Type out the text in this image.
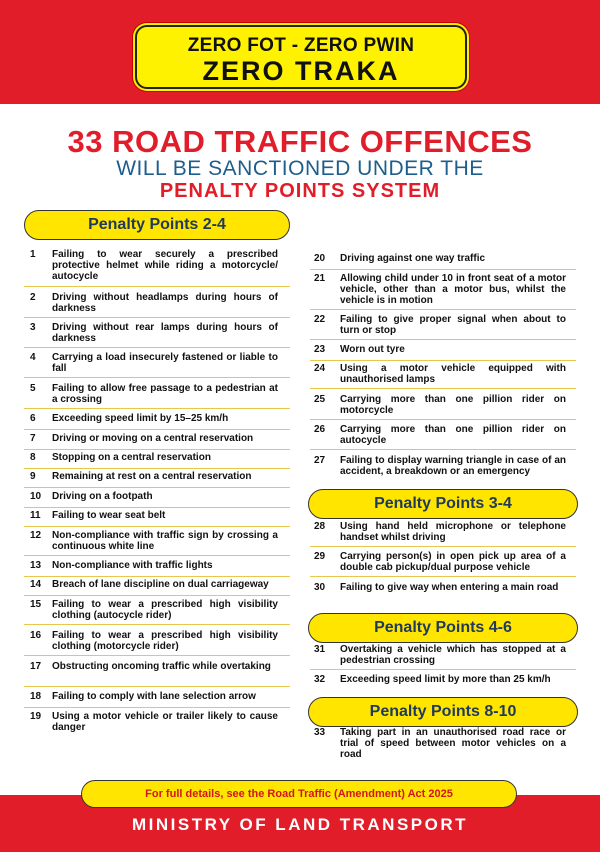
ZERO FOT - ZERO PWIN
ZERO TRAKA
33 ROAD TRAFFIC OFFENCES
WILL BE SANCTIONED UNDER THE
PENALTY POINTS SYSTEM
Penalty Points 2-4
1	Failing to wear securely a prescribed protective helmet while riding a motorcycle/ autocycle
2	Driving without headlamps during hours of darkness
3	Driving without rear lamps during hours of darkness
4	Carrying a load insecurely fastened or liable to fall
5	Failing to allow free passage to a pedestrian at a crossing
6	Exceeding speed limit by 15–25 km/h
7	Driving or moving on a central reservation
8	Stopping on a central reservation
9	Remaining at rest on a central reservation
10	Driving on a footpath
11	Failing to wear seat belt
12	Non-compliance with traffic sign by crossing a continuous white line
13	Non-compliance with traffic lights
14	Breach of lane discipline on dual carriageway
15	Failing to wear a prescribed high visibility clothing (autocycle rider)
16	Failing to wear a prescribed high visibility clothing (motorcycle rider)
17	Obstructing oncoming traffic while overtaking
18	Failing to comply with lane selection arrow
19	Using a motor vehicle or trailer likely to cause danger
20	Driving against one way traffic
21	Allowing child under 10 in front seat of a motor vehicle, other than a motor bus, whilst the vehicle is in motion
22	Failing to give proper signal when about to turn or stop
23	Worn out tyre
24	Using a motor vehicle equipped with unauthorised lamps
25	Carrying more than one pillion rider on motorcycle
26	Carrying more than one pillion rider on autocycle
27	Failing to display warning triangle in case of an accident, a breakdown or an emergency
Penalty Points 3-4
28	Using hand held microphone or telephone handset whilst driving
29	Carrying person(s) in open pick up area of a double cab pickup/dual purpose vehicle
30	Failing to give way when entering a main road
Penalty Points 4-6
31	Overtaking a vehicle which has stopped at a pedestrian crossing
32	Exceeding speed limit by more than 25 km/h
Penalty Points 8-10
33	Taking part in an unauthorised road race or trial of speed between motor vehicles on a road
For full details, see the Road Traffic (Amendment) Act 2025
MINISTRY OF LAND TRANSPORT
